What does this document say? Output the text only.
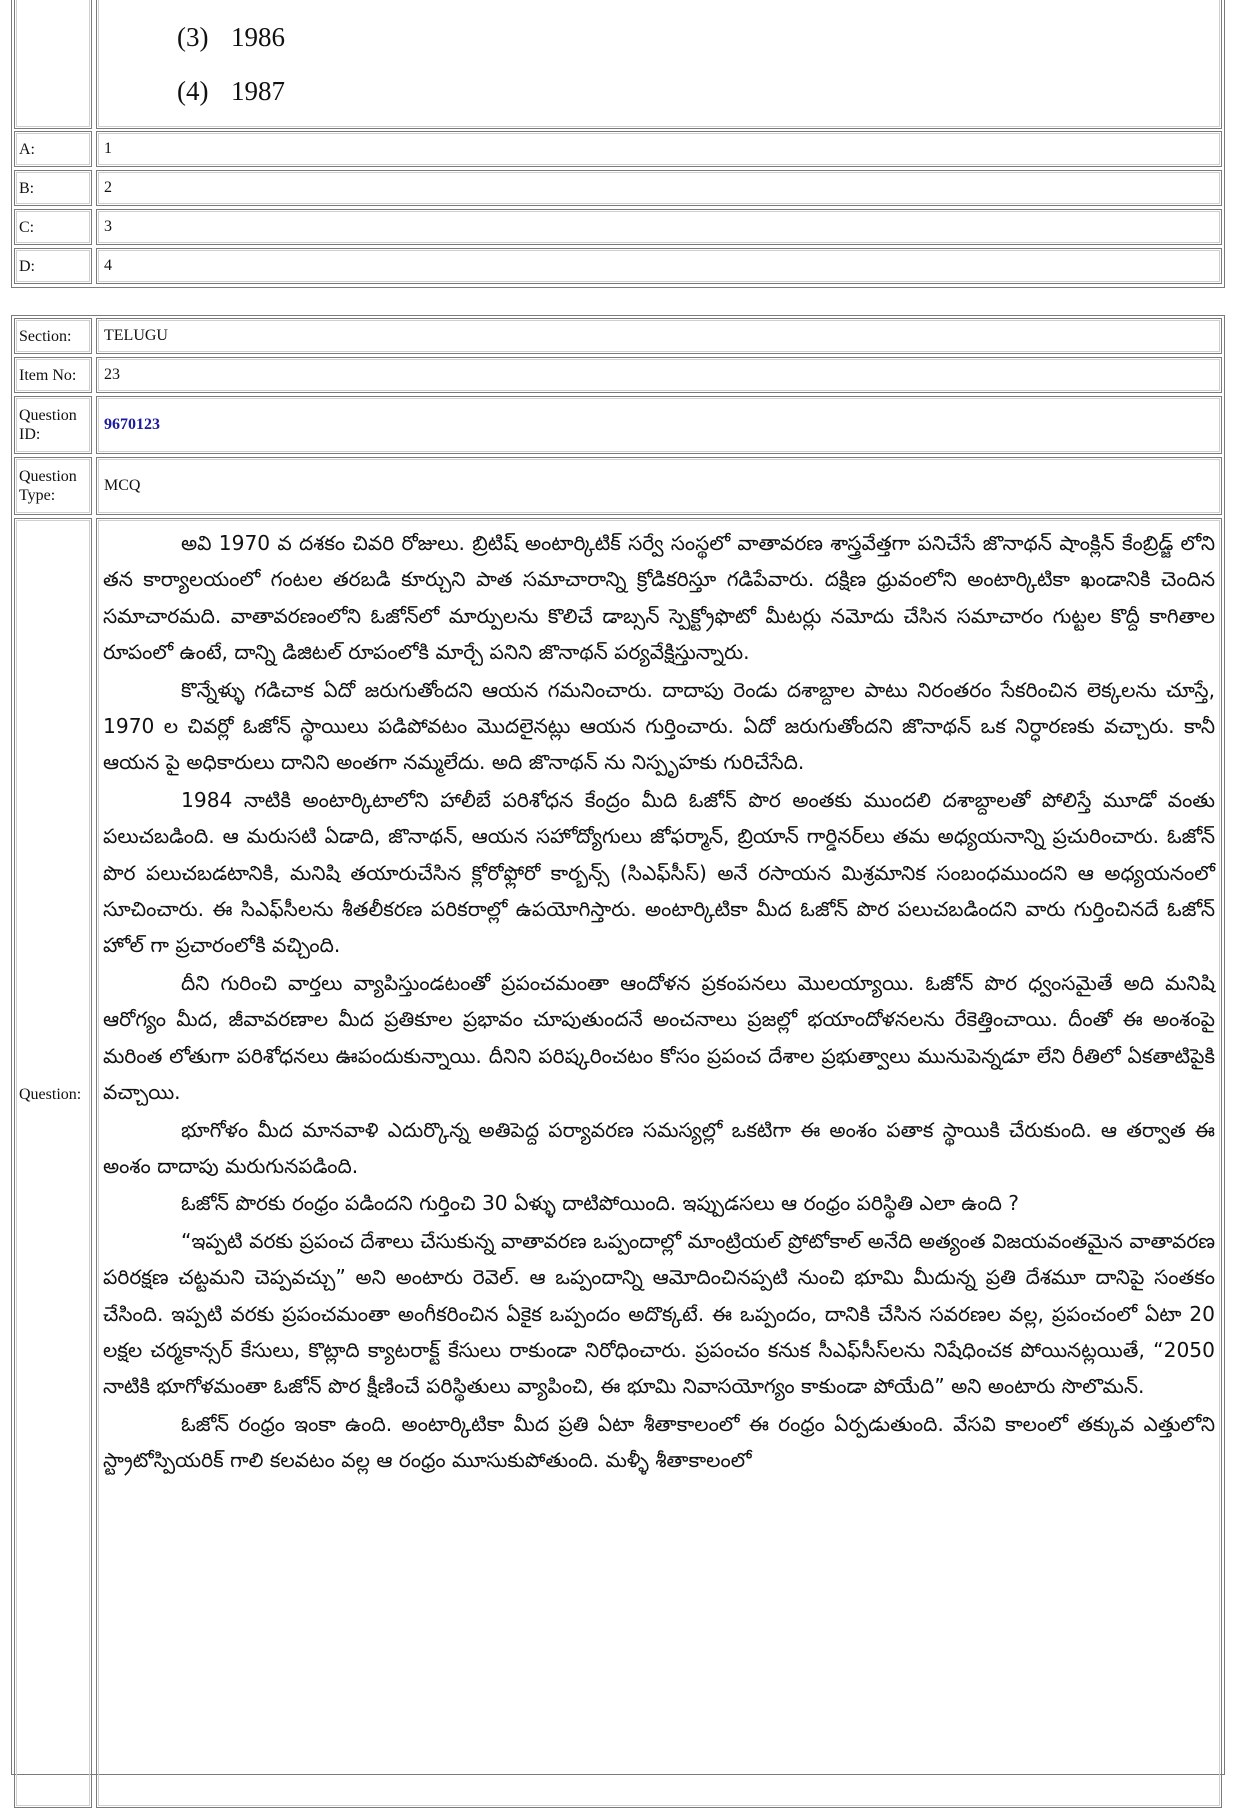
(3) 1986
(4) 1987
A:	1
B:	2
C:	3
D:	4
Section:	TELUGU
Item No:	23
Question ID:
9670123
Question Type:
MCQ
Question:

అవి 1970 వ దశకం చివరి రోజులు. బ్రిటిష్ అంటార్కిటిక్ సర్వే సంస్థలో వాతావరణ శాస్త్రవేత్తగా పనిచేసే జొనాథన్ షాంక్లిన్ కేంబ్రిడ్జ్ లోని తన కార్యాలయంలో గంటల తరబడి కూర్చుని పాత సమాచారాన్ని క్రోడికరిస్తూ గడిపేవారు. దక్షిణ ధ్రువంలోని అంటార్కిటికా ఖండానికి చెందిన సమాచారమది. వాతావరణంలోని ఓజోన్‌లో మార్పులను కొలిచే డాబ్సన్ స్పెక్ట్రోఫొటో మీటర్లు నమోదు చేసిన సమాచారం గుట్టల కొద్దీ కాగితాల రూపంలో ఉంటే, దాన్ని డిజిటల్ రూపంలోకి మార్చే పనిని జొనాథన్ పర్యవేక్షిస్తున్నారు.

కొన్నేళ్ళు గడిచాక ఏదో జరుగుతోందని ఆయన గమనించారు. దాదాపు రెండు దశాబ్దాల పాటు నిరంతరం సేకరించిన లెక్కలను చూస్తే, 1970 ల చివర్లో ఓజోన్ స్థాయిలు పడిపోవటం మొదలైనట్లు ఆయన గుర్తించారు. ఏదో జరుగుతోందని జొనాథన్ ఒక నిర్ధారణకు వచ్చారు. కానీ ఆయన పై అధికారులు దానిని అంతగా నమ్మలేదు. అది జొనాథన్ ను నిస్పృహకు గురిచేసేది.

1984 నాటికి అంటార్కిటాలోని హాలీబే పరిశోధన కేంద్రం మీది ఓజోన్ పొర అంతకు ముందలి దశాబ్దాలతో పోలిస్తే మూడో వంతు పలుచబడింది. ఆ మరుసటి ఏడాది, జొనాథన్, ఆయన సహోద్యోగులు జోఫర్మాన్, బ్రియాన్ గార్డినర్‌లు తమ అధ్యయనాన్ని ప్రచురించారు. ఓజోన్ పొర పలుచబడటానికి, మనిషి తయారుచేసిన క్లోరోఫ్లోరో కార్బన్స్ (సిఎఫ్‌సీస్) అనే రసాయన మిశ్రమానిక సంబంధముందని ఆ అధ్యయనంలో సూచించారు. ఈ సిఎఫ్‌సీలను శీతలీకరణ పరికరాల్లో ఉపయోగిస్తారు. అంటార్కిటికా మీద ఓజోన్ పొర పలుచబడిందని వారు గుర్తించినదే ఓజోన్ హోల్ గా ప్రచారంలోకి వచ్చింది.

దీని గురించి వార్తలు వ్యాపిస్తుండటంతో ప్రపంచమంతా ఆందోళన ప్రకంపనలు మొలయ్యాయి. ఓజోన్ పొర ధ్వంసమైతే అది మనిషి ఆరోగ్యం మీద, జీవావరణాల మీద ప్రతికూల ప్రభావం చూపుతుందనే అంచనాలు ప్రజల్లో భయాందోళనలను రేకెత్తించాయి. దీంతో ఈ అంశంపై మరింత లోతుగా పరిశోధనలు ఊపందుకున్నాయి. దీనిని పరిష్కరించటం కోసం ప్రపంచ దేశాల ప్రభుత్వాలు మునుపెన్నడూ లేని రీతిలో ఏకతాటిపైకి వచ్చాయి.

భూగోళం మీద మానవాళి ఎదుర్కొన్న అతిపెద్ద పర్యావరణ సమస్యల్లో ఒకటిగా ఈ అంశం పతాక స్థాయికి చేరుకుంది. ఆ తర్వాత ఈ అంశం దాదాపు మరుగునపడింది.

ఓజోన్ పొరకు రంధ్రం పడిందని గుర్తించి 30 ఏళ్ళు దాటిపోయింది. ఇప్పుడసలు ఆ రంధ్రం పరిస్థితి ఎలా ఉంది ?

“ఇప్పటి వరకు ప్రపంచ దేశాలు చేసుకున్న వాతావరణ ఒప్పందాల్లో మాంట్రియల్ ప్రోటోకాల్ అనేది అత్యంత విజయవంతమైన వాతావరణ పరిరక్షణ చట్టమని చెప్పవచ్చు” అని అంటారు రెవెల్. ఆ ఒప్పందాన్ని ఆమోదించినప్పటి నుంచి భూమి మీదున్న ప్రతి దేశమూ దానిపై సంతకం చేసింది. ఇప్పటి వరకు ప్రపంచమంతా అంగీకరించిన ఏకైక ఒప్పందం అదొక్కటే. ఈ ఒప్పందం, దానికి చేసిన సవరణల వల్ల, ప్రపంచంలో ఏటా 20 లక్షల చర్మకాన్సర్ కేసులు, కొట్లాది క్యాటరాక్ట్ కేసులు రాకుండా నిరోధించారు. ప్రపంచం కనుక సీఎఫ్‌సీస్‌లను నిషేధించక పోయినట్లయితే, “2050 నాటికి భూగోళమంతా ఓజోన్ పొర క్షీణించే పరిస్థితులు వ్యాపించి, ఈ భూమి నివాసయోగ్యం కాకుండా పోయేది” అని అంటారు సొలొమన్.

ఓజోన్ రంధ్రం ఇంకా ఉంది. అంటార్కిటికా మీద ప్రతి ఏటా శీతాకాలంలో ఈ రంధ్రం ఏర్పడుతుంది. వేసవి కాలంలో తక్కువ ఎత్తులోని స్ట్రాటోస్పియరిక్ గాలి కలవటం వల్ల ఆ రంధ్రం మూసుకుపోతుంది. మళ్ళీ శీతాకాలంలో
